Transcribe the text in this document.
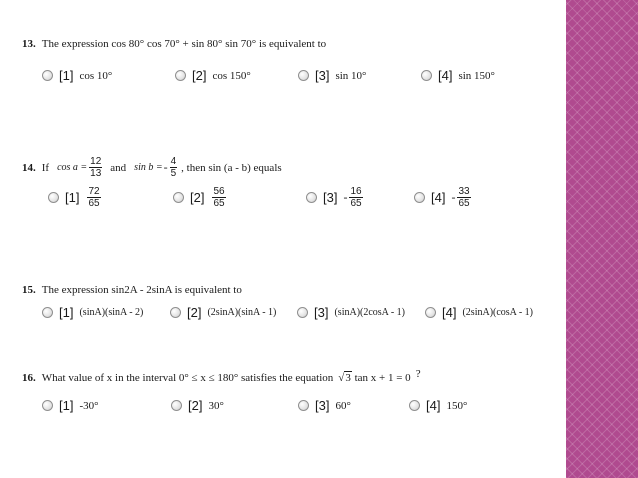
13. The expression cos 80° cos 70° + sin 80° sin 70° is equivalent to
[1] cos 10°	[2] cos 150°	[3] sin 10°	[4] sin 150°
14. If $\cos a = \frac{12}{13}$ and sin b = - $\frac{4}{5}$ , then sin (a - b) equals
$[1] \frac{72}{65}$	$[2] \frac{56}{65}$	$[3] - \frac{16}{65}$	$[4] - \frac{33}{65}$
15. The expression sin2A - 2sinA is equivalent to
[1] (sinA)(sinA - 2)	[2] (2sinA)(sinA - 1)	[3] (sinA)(2cosA - 1)	[4] (2sinA)(cosA - 1)
16. What value of x in the interval 0° ≤ x ≤ 180° satisfies the equation √3 tan x + 1 = 0 ?
[1] -30°	[2] 30°	[3] 60°	[4] 150°
